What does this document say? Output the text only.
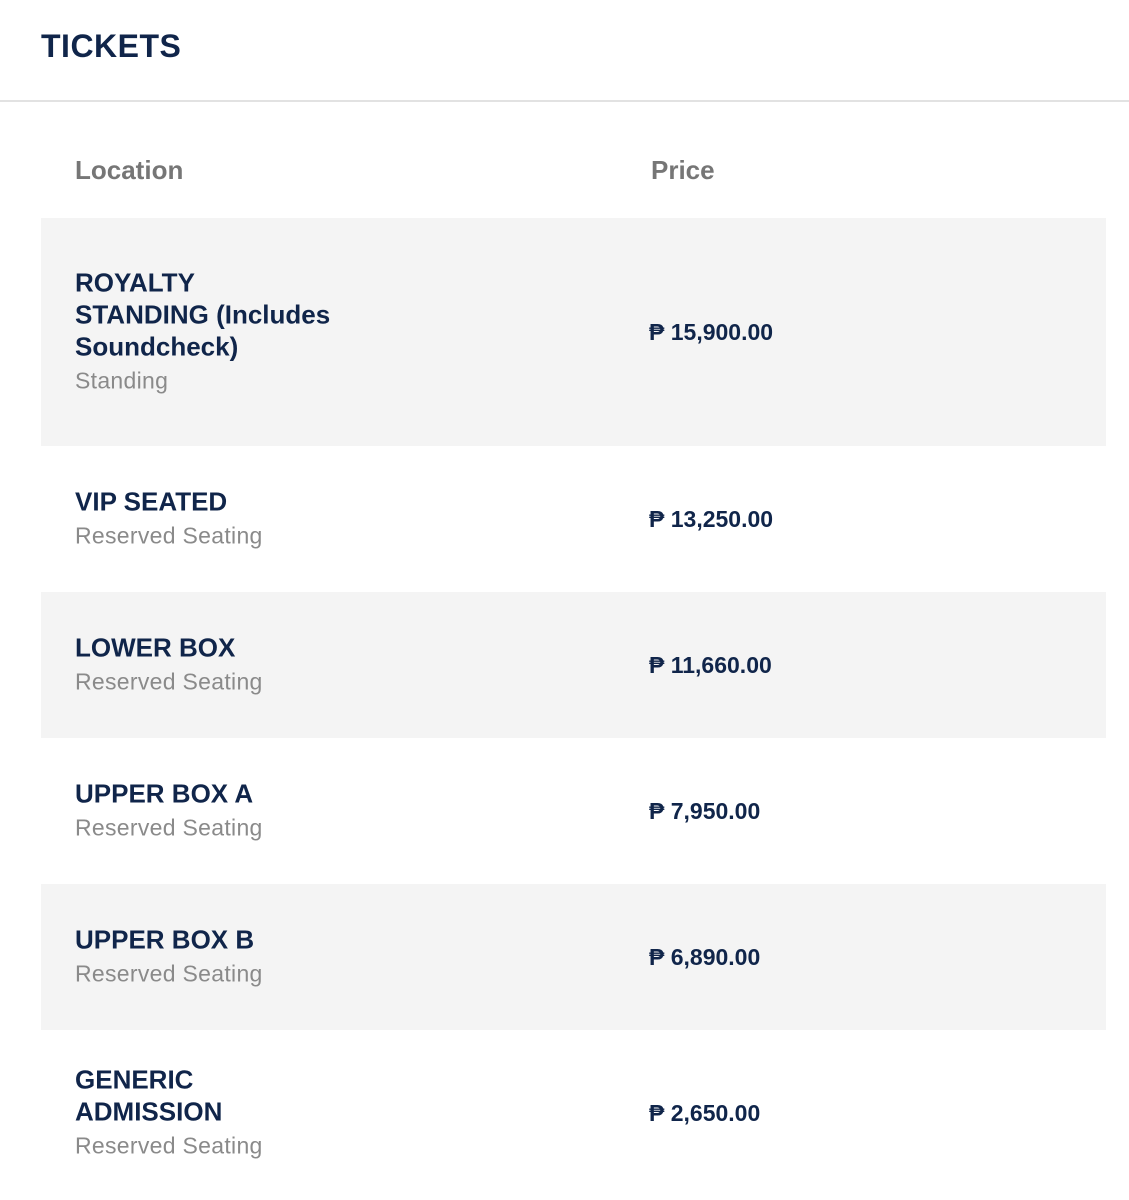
TICKETS
Location	Price
ROYALTY STANDING (Includes Soundcheck)
Standing
₱ 15,900.00
VIP SEATED
Reserved Seating
₱ 13,250.00
LOWER BOX
Reserved Seating
₱ 11,660.00
UPPER BOX A
Reserved Seating
₱ 7,950.00
UPPER BOX B
Reserved Seating
₱ 6,890.00
GENERIC ADMISSION
Reserved Seating
₱ 2,650.00
